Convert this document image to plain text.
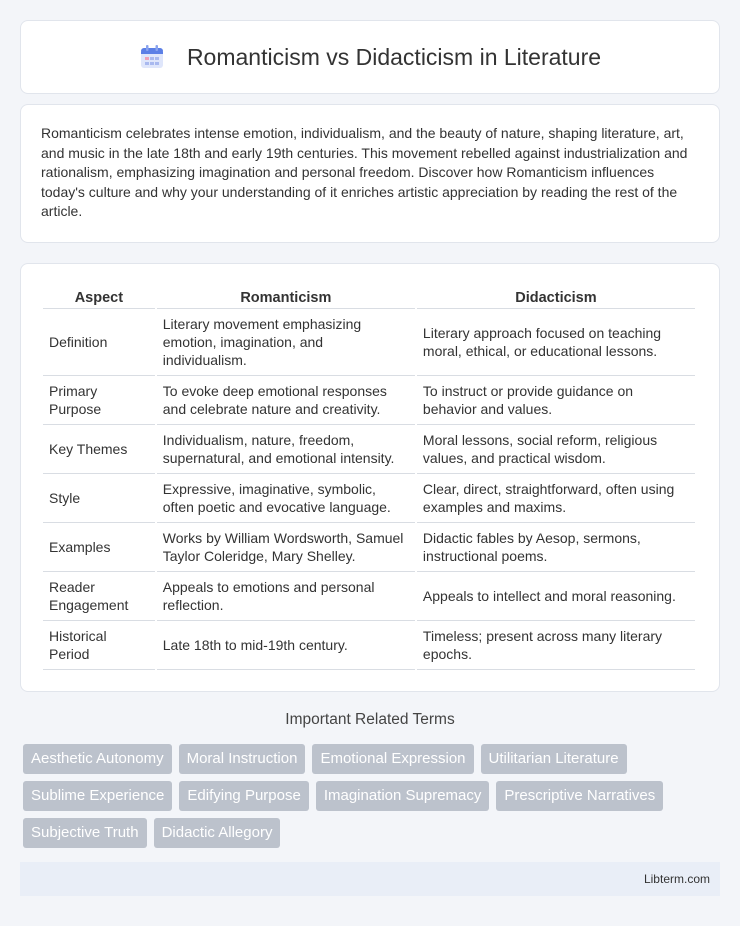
Romanticism vs Didacticism in Literature

Romanticism celebrates intense emotion, individualism, and the beauty of nature, shaping literature, art, and music in the late 18th and early 19th centuries. This movement rebelled against industrialization and rationalism, emphasizing imagination and personal freedom. Discover how Romanticism influences today's culture and why your understanding of it enriches artistic appreciation by reading the rest of the article.

Aspect	Romanticism	Didacticism
Definition	Literary movement emphasizing emotion, imagination, and individualism.	Literary approach focused on teaching moral, ethical, or educational lessons.
Primary Purpose	To evoke deep emotional responses and celebrate nature and creativity.	To instruct or provide guidance on behavior and values.
Key Themes	Individualism, nature, freedom, supernatural, and emotional intensity.	Moral lessons, social reform, religious values, and practical wisdom.
Style	Expressive, imaginative, symbolic, often poetic and evocative language.	Clear, direct, straightforward, often using examples and maxims.
Examples	Works by William Wordsworth, Samuel Taylor Coleridge, Mary Shelley.	Didactic fables by Aesop, sermons, instructional poems.
Reader Engagement	Appeals to emotions and personal reflection.	Appeals to intellect and moral reasoning.
Historical Period	Late 18th to mid-19th century.	Timeless; present across many literary epochs.
Important Related Terms
Aesthetic Autonomy	Moral Instruction	Emotional Expression	Utilitarian Literature
Sublime Experience	Edifying Purpose	Imagination Supremacy	Prescriptive Narratives
Subjective Truth	Didactic Allegory
Libterm.com
